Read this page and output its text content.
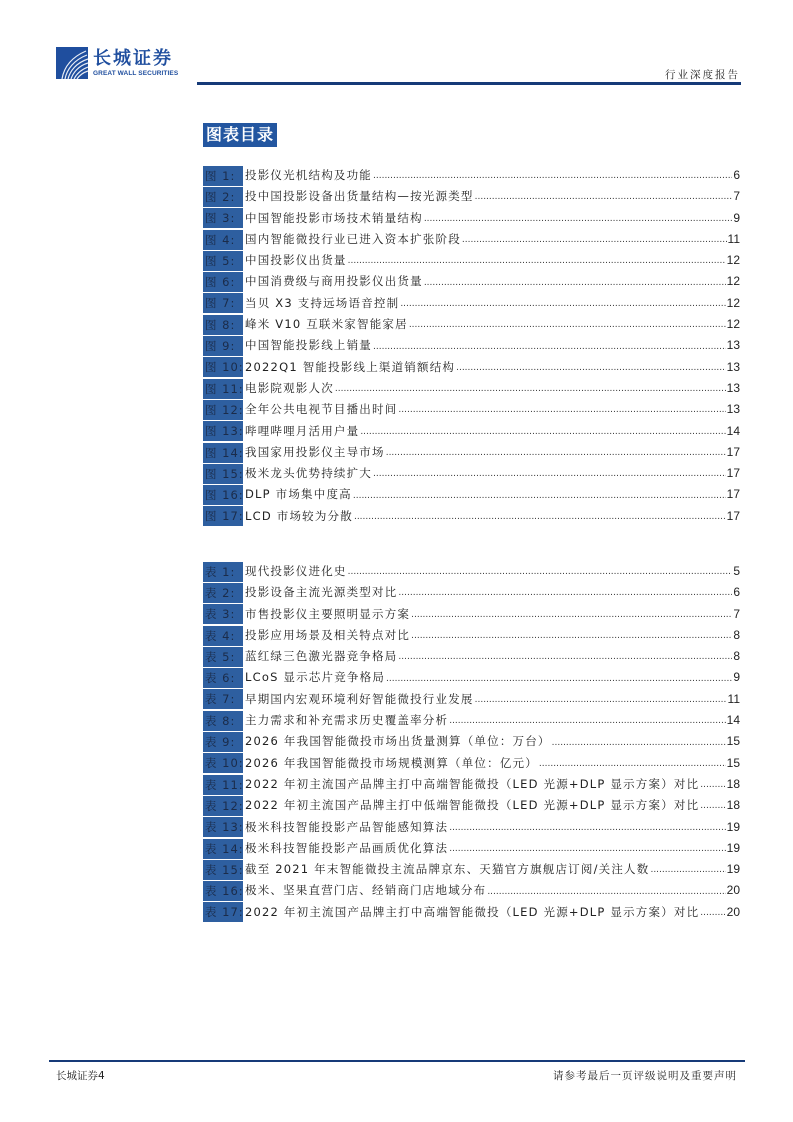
长城证券
GREAT WALL SECURITIES	行业深度报告
图表目录
图 1: 投影仪光机结构及功能 .....	6
图 2: 投中国投影设备出货量结构—按光源类型 .....	7
图 3: 中国智能投影市场技术销量结构 .....	9
图 4: 国内智能微投行业已进入资本扩张阶段 .....	11
图 5: 中国投影仪出货量 .....	12
图 6: 中国消费级与商用投影仪出货量 .....	12
图 7: 当贝 X3 支持远场语音控制 .....	12
图 8: 峰米 V10 互联米家智能家居 .....	12
图 9: 中国智能投影线上销量 .....	13
图 10: 2022Q1 智能投影线上渠道销额结构 .....	13
图 11: 电影院观影人次 .....	13
图 12: 全年公共电视节目播出时间 .....	13
图 13: 哔哩哔哩月活用户量 .....	14
图 14: 我国家用投影仪主导市场 .....	17
图 15: 极米龙头优势持续扩大 .....	17
图 16: DLP 市场集中度高 .....	17
图 17: LCD 市场较为分散 .....	17
表 1: 现代投影仪进化史 .....	5
表 2: 投影设备主流光源类型对比 .....	6
表 3: 市售投影仪主要照明显示方案 .....	7
表 4: 投影应用场景及相关特点对比 .....	8
表 5: 蓝红绿三色激光器竞争格局 .....	8
表 6: LCoS 显示芯片竞争格局 .....	9
表 7: 早期国内宏观环境利好智能微投行业发展 .....	11
表 8: 主力需求和补充需求历史覆盖率分析 .....	14
表 9: 2026 年我国智能微投市场出货量测算（单位：万台） .....	15
表 10: 2026 年我国智能微投市场规模测算（单位：亿元） .....	15
表 11: 2022 年初主流国产品牌主打中高端智能微投（LED 光源+DLP 显示方案）对比 ..... 18
表 12: 2022 年初主流国产品牌主打中低端智能微投（LED 光源+DLP 显示方案）对比 ..... 18
表 13: 极米科技智能投影产品智能感知算法 .....	19
表 14: 极米科技智能投影产品画质优化算法 .....	19
表 15: 截至 2021 年末智能微投主流品牌京东、天猫官方旗舰店订阅/关注人数 .....	19
表 16: 极米、坚果直营门店、经销商门店地域分布 .....	20
表 17: 2022 年初主流国产品牌主打中高端智能微投（LED 光源+DLP 显示方案）对比 ..... 20
长城证券4	请参考最后一页评级说明及重要声明
